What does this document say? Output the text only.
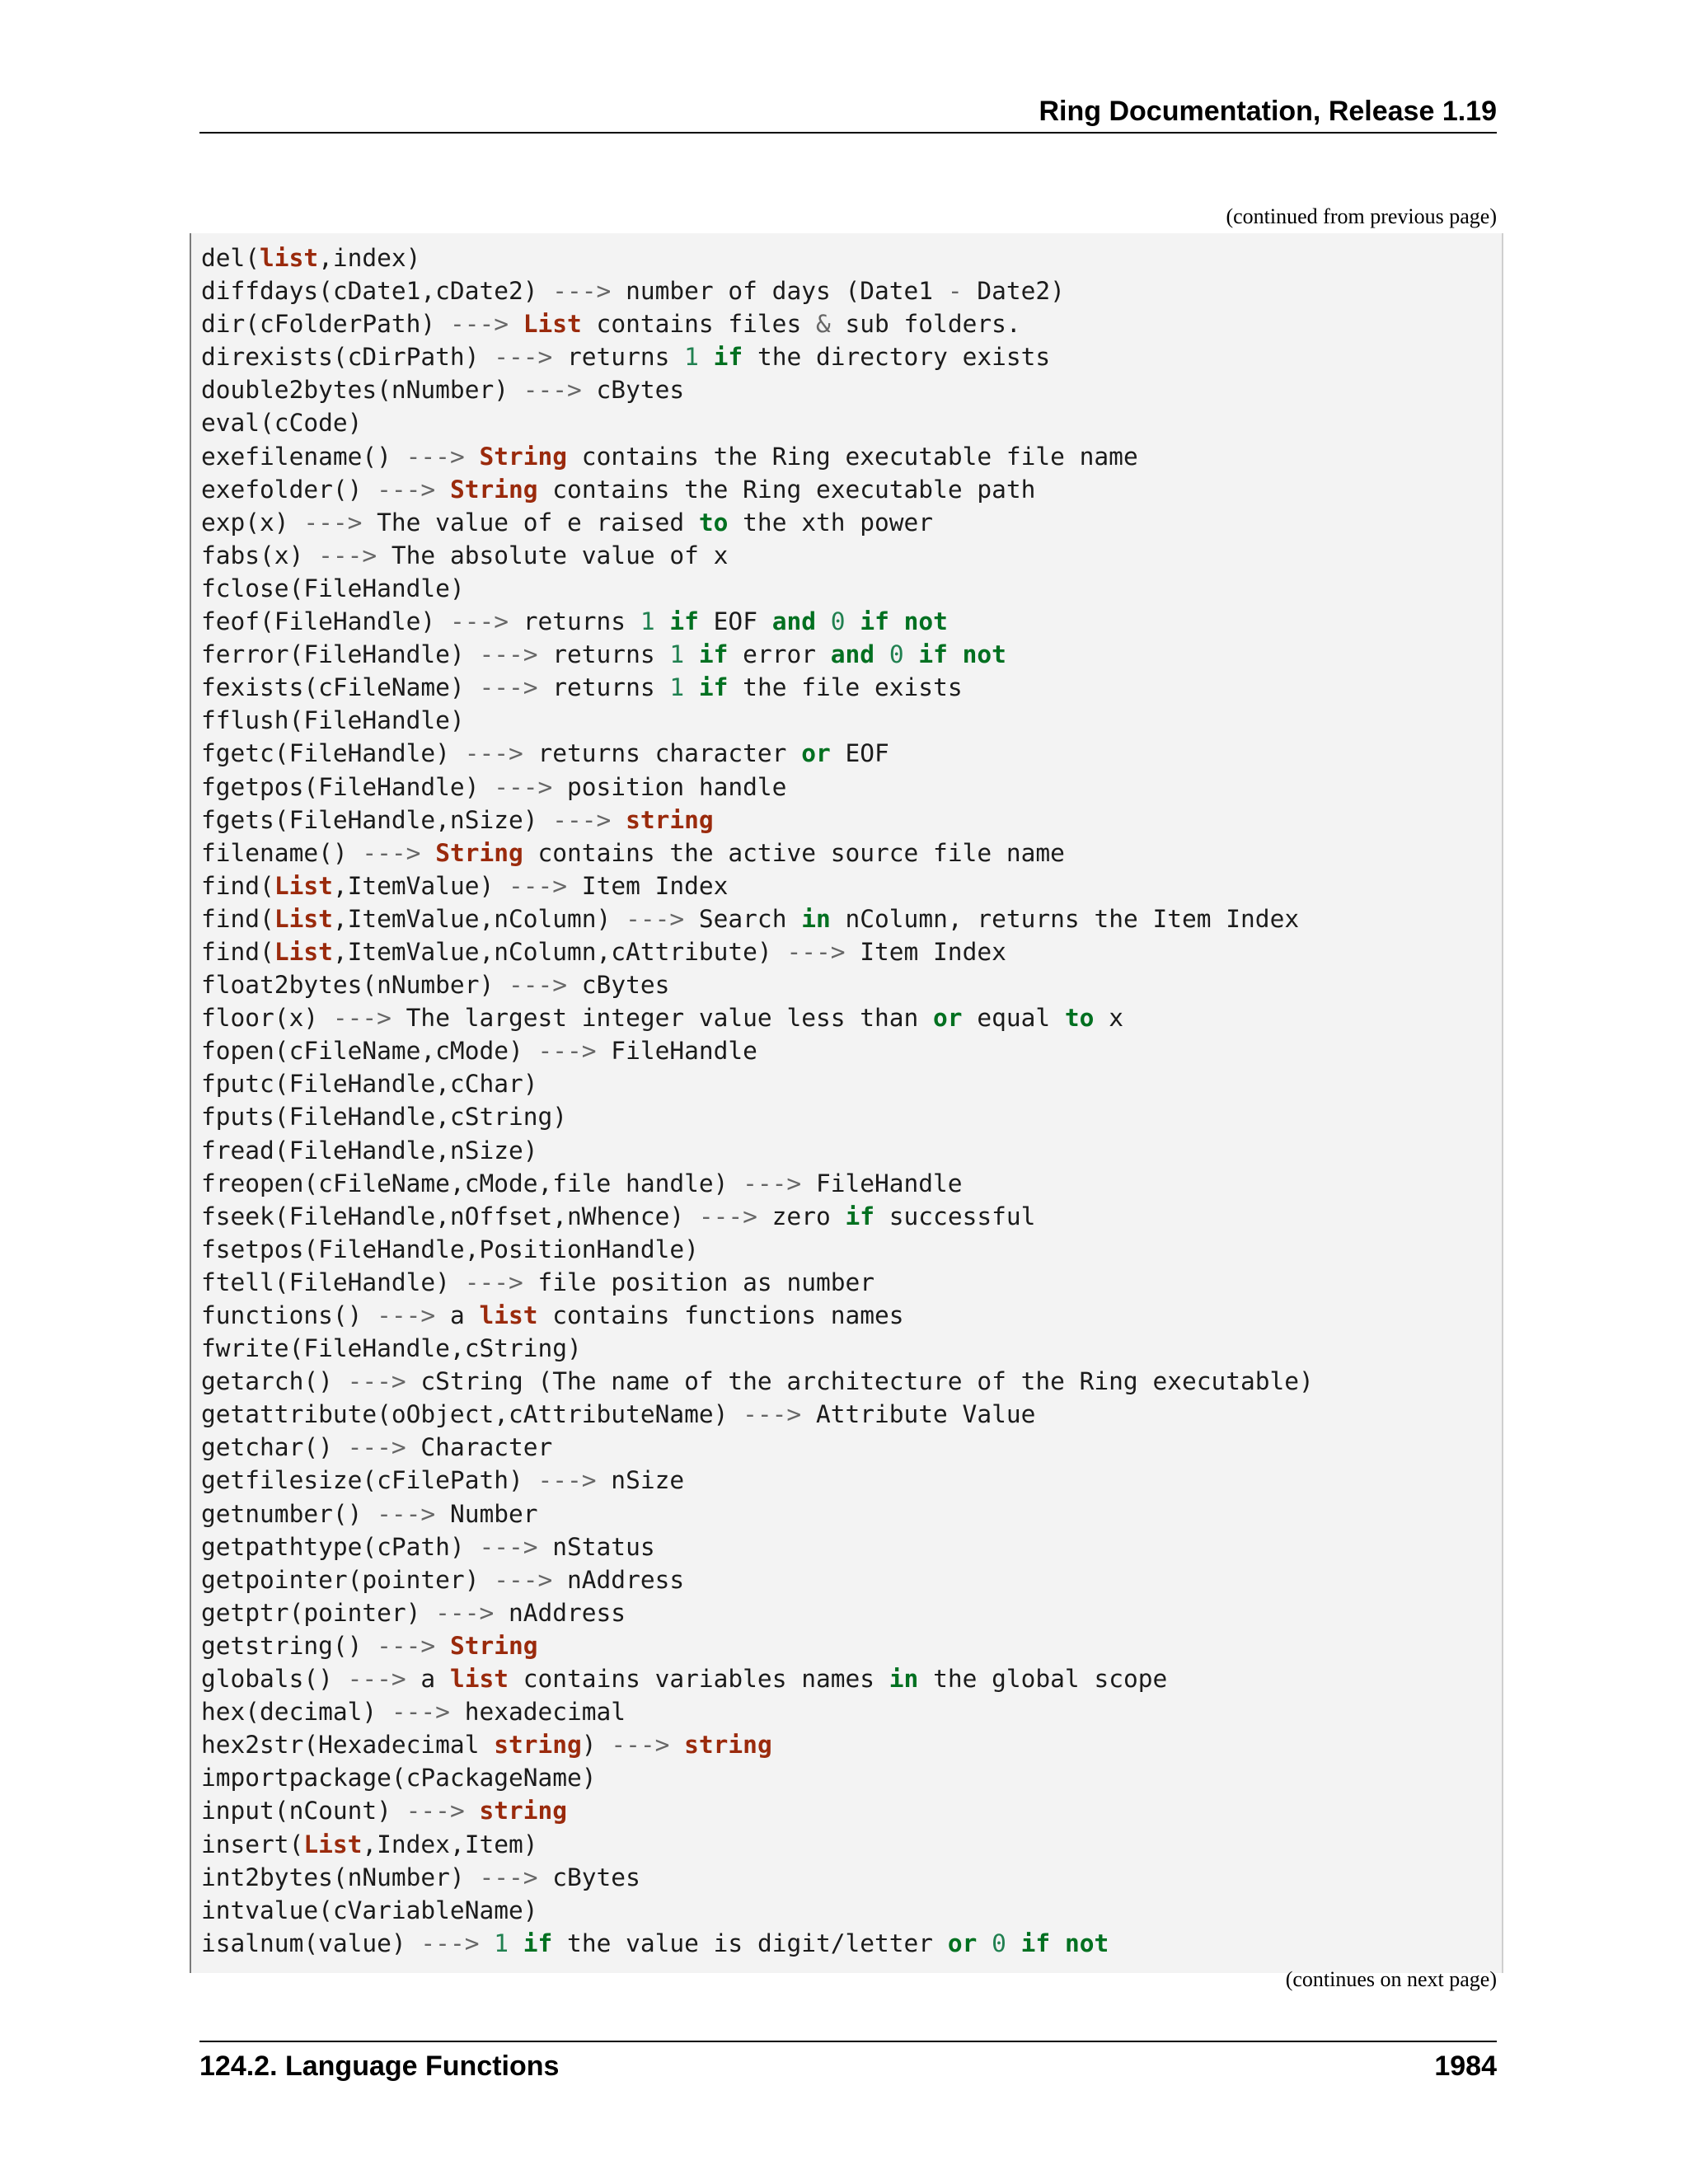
Ring Documentation, Release 1.19
(continued from previous page)
del(list,index)
diffdays(cDate1,cDate2) ---> number of days (Date1 - Date2)
dir(cFolderPath) ---> List contains files & sub folders.
direxists(cDirPath) ---> returns 1 if the directory exists
double2bytes(nNumber) ---> cBytes
eval(cCode)
exefilename() ---> String contains the Ring executable file name
exefolder() ---> String contains the Ring executable path
exp(x) ---> The value of e raised to the xth power
fabs(x) ---> The absolute value of x
fclose(FileHandle)
feof(FileHandle) ---> returns 1 if EOF and 0 if not
ferror(FileHandle) ---> returns 1 if error and 0 if not
fexists(cFileName) ---> returns 1 if the file exists
fflush(FileHandle)
fgetc(FileHandle) ---> returns character or EOF
fgetpos(FileHandle) ---> position handle
fgets(FileHandle,nSize) ---> string
filename() ---> String contains the active source file name
find(List,ItemValue) ---> Item Index
find(List,ItemValue,nColumn) ---> Search in nColumn, returns the Item Index
find(List,ItemValue,nColumn,cAttribute) ---> Item Index
float2bytes(nNumber) ---> cBytes
floor(x) ---> The largest integer value less than or equal to x
fopen(cFileName,cMode) ---> FileHandle
fputc(FileHandle,cChar)
fputs(FileHandle,cString)
fread(FileHandle,nSize)
freopen(cFileName,cMode,file handle) ---> FileHandle
fseek(FileHandle,nOffset,nWhence) ---> zero if successful
fsetpos(FileHandle,PositionHandle)
ftell(FileHandle) ---> file position as number
functions() ---> a list contains functions names
fwrite(FileHandle,cString)
getarch() ---> cString (The name of the architecture of the Ring executable)
getattribute(oObject,cAttributeName) ---> Attribute Value
getchar() ---> Character
getfilesize(cFilePath) ---> nSize
getnumber() ---> Number
getpathtype(cPath) ---> nStatus
getpointer(pointer) ---> nAddress
getptr(pointer) ---> nAddress
getstring() ---> String
globals() ---> a list contains variables names in the global scope
hex(decimal) ---> hexadecimal
hex2str(Hexadecimal string) ---> string
importpackage(cPackageName)
input(nCount) ---> string
insert(List,Index,Item)
int2bytes(nNumber) ---> cBytes
intvalue(cVariableName)
isalnum(value) ---> 1 if the value is digit/letter or 0 if not
(continues on next page)
124.2. Language Functions	1984
